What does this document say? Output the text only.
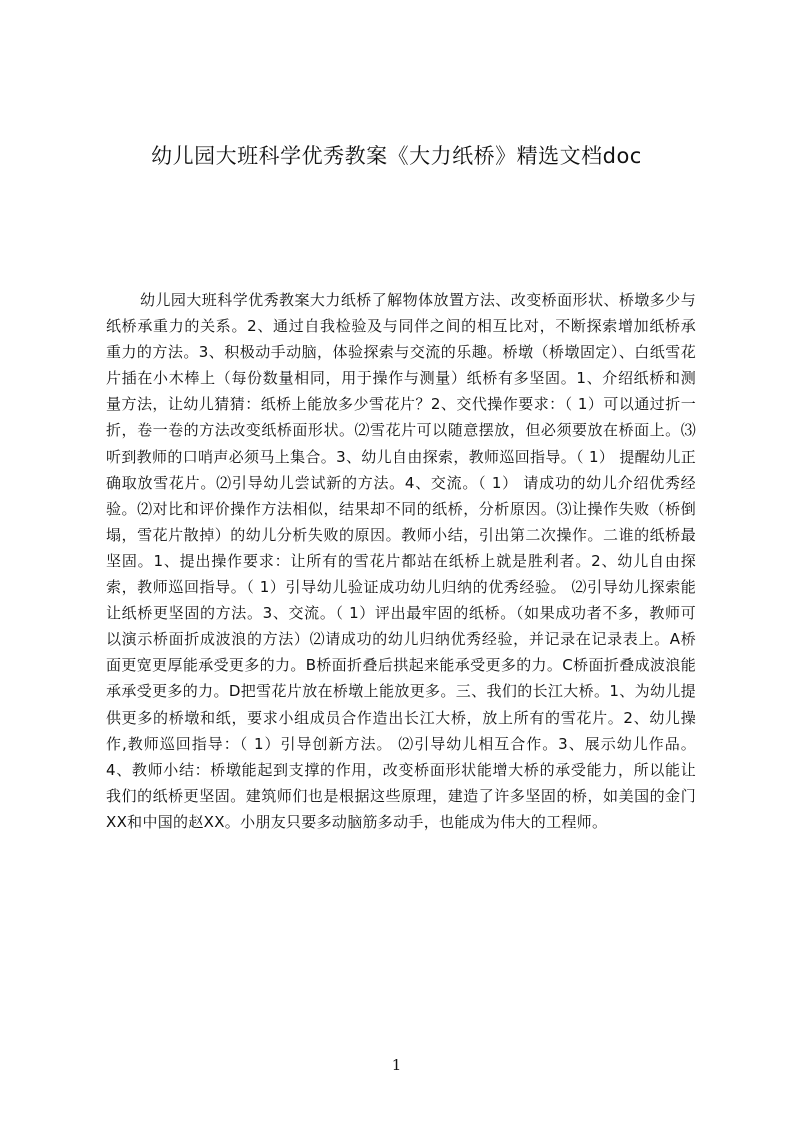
幼儿园大班科学优秀教案《大力纸桥》精选文档doc

幼儿园大班科学优秀教案大力纸桥了解物体放置方法、改变桥面形状、桥墩多少与纸桥承重力的关系。2、通过自我检验及与同伴之间的相互比对，不断探索增加纸桥承重力的方法。3、积极动手动脑，体验探索与交流的乐趣。桥墩（桥墩固定）、白纸雪花片插在小木棒上（每份数量相同，用于操作与测量）纸桥有多坚固。1、介绍纸桥和测量方法，让幼儿猜猜：纸桥上能放多少雪花片？2、交代操作要求：（ 1）可以通过折一折，卷一卷的方法改变纸桥面形状。⑵雪花片可以随意摆放，但必须要放在桥面上。⑶听到教师的口哨声必须马上集合。3、幼儿自由探索，教师巡回指导。（ 1） 提醒幼儿正确取放雪花片。⑵引导幼儿尝试新的方法。4、交流。（ 1） 请成功的幼儿介绍优秀经验。⑵对比和评价操作方法相似，结果却不同的纸桥，分析原因。⑶让操作失败（桥倒塌，雪花片散掉）的幼儿分析失败的原因。教师小结，引出第二次操作。二谁的纸桥最坚固。1、提出操作要求：让所有的雪花片都站在纸桥上就是胜利者。2、幼儿自由探索，教师巡回指导。（ 1）引导幼儿验证成功幼儿归纳的优秀经验。 ⑵引导幼儿探索能让纸桥更坚固的方法。3、交流。（ 1）评出最牢固的纸桥。（如果成功者不多，教师可以演示桥面折成波浪的方法）⑵请成功的幼儿归纳优秀经验，并记录在记录表上。A桥面更宽更厚能承受更多的力。B桥面折叠后拱起来能承受更多的力。C桥面折叠成波浪能承承受更多的力。D把雪花片放在桥墩上能放更多。三、我们的长江大桥。1、为幼儿提供更多的桥墩和纸，要求小组成员合作造出长江大桥，放上所有的雪花片。2、幼儿操作,教师巡回指导：（ 1）引导创新方法。 ⑵引导幼儿相互合作。3、展示幼儿作品。 4、教师小结：桥墩能起到支撑的作用，改变桥面形状能增大桥的承受能力，所以能让我们的纸桥更坚固。建筑师们也是根据这些原理，建造了许多坚固的桥，如美国的金门XX和中国的赵XX。小朋友只要多动脑筋多动手，也能成为伟大的工程师。

1
